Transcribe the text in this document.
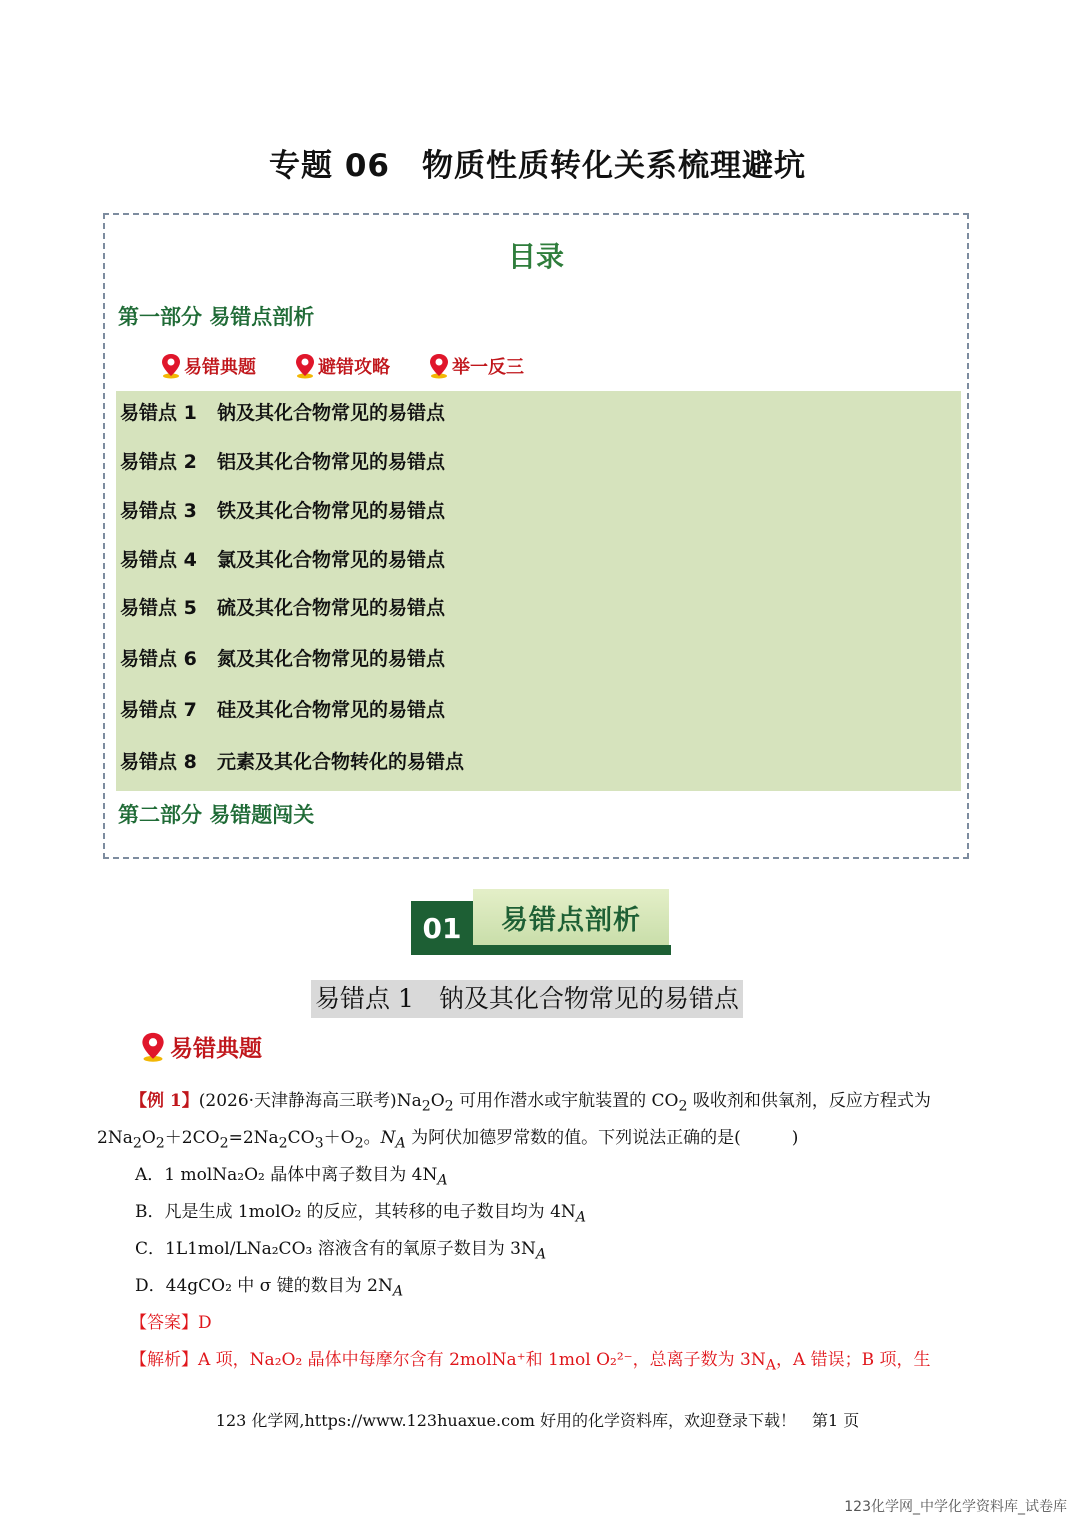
专题 06　物质性质转化关系梳理避坑
目录
第一部分 易错点剖析
易错典题	避错攻略	举一反三
易错点 1 钠及其化合物常见的易错点
易错点 2 铝及其化合物常见的易错点
易错点 3 铁及其化合物常见的易错点
易错点 4 氯及其化合物常见的易错点
易错点 5 硫及其化合物常见的易错点
易错点 6 氮及其化合物常见的易错点
易错点 7 硅及其化合物常见的易错点
易错点 8 元素及其化合物转化的易错点
第二部分 易错题闯关
01	易错点剖析
易错点 1　钠及其化合物常见的易错点
易错典题
【例 1】(2026·天津静海高三联考)$Na_2O_2$ 可用作潜水或宇航装置的 $CO_2$ 吸收剂和供氧剂，反应方程式为
$2Na_2O_2+2CO_2=2Na_2CO_3+O_2$。$N_A$ 为阿伏加德罗常数的值。下列说法正确的是(　　　)
A．1 molNa₂O₂ 晶体中离子数目为 $4N_A$
B．凡是生成 1molO₂ 的反应，其转移的电子数目均为 $4N_A$
C．1L1mol/LNa₂CO₃ 溶液含有的氧原子数目为 $3N_A$
D．44gCO₂ 中 σ 键的数目为 $2N_A$
【答案】D
【解析】A 项，Na₂O₂ 晶体中每摩尔含有 2molNa⁺和 1mol O₂²⁻，总离子数为 $3N_A$，A 错误；B 项，生
123 化学网,https://www.123huaxue.com 好用的化学资料库，欢迎登录下载！　第1 页
123化学网_中学化学资料库_试卷库
